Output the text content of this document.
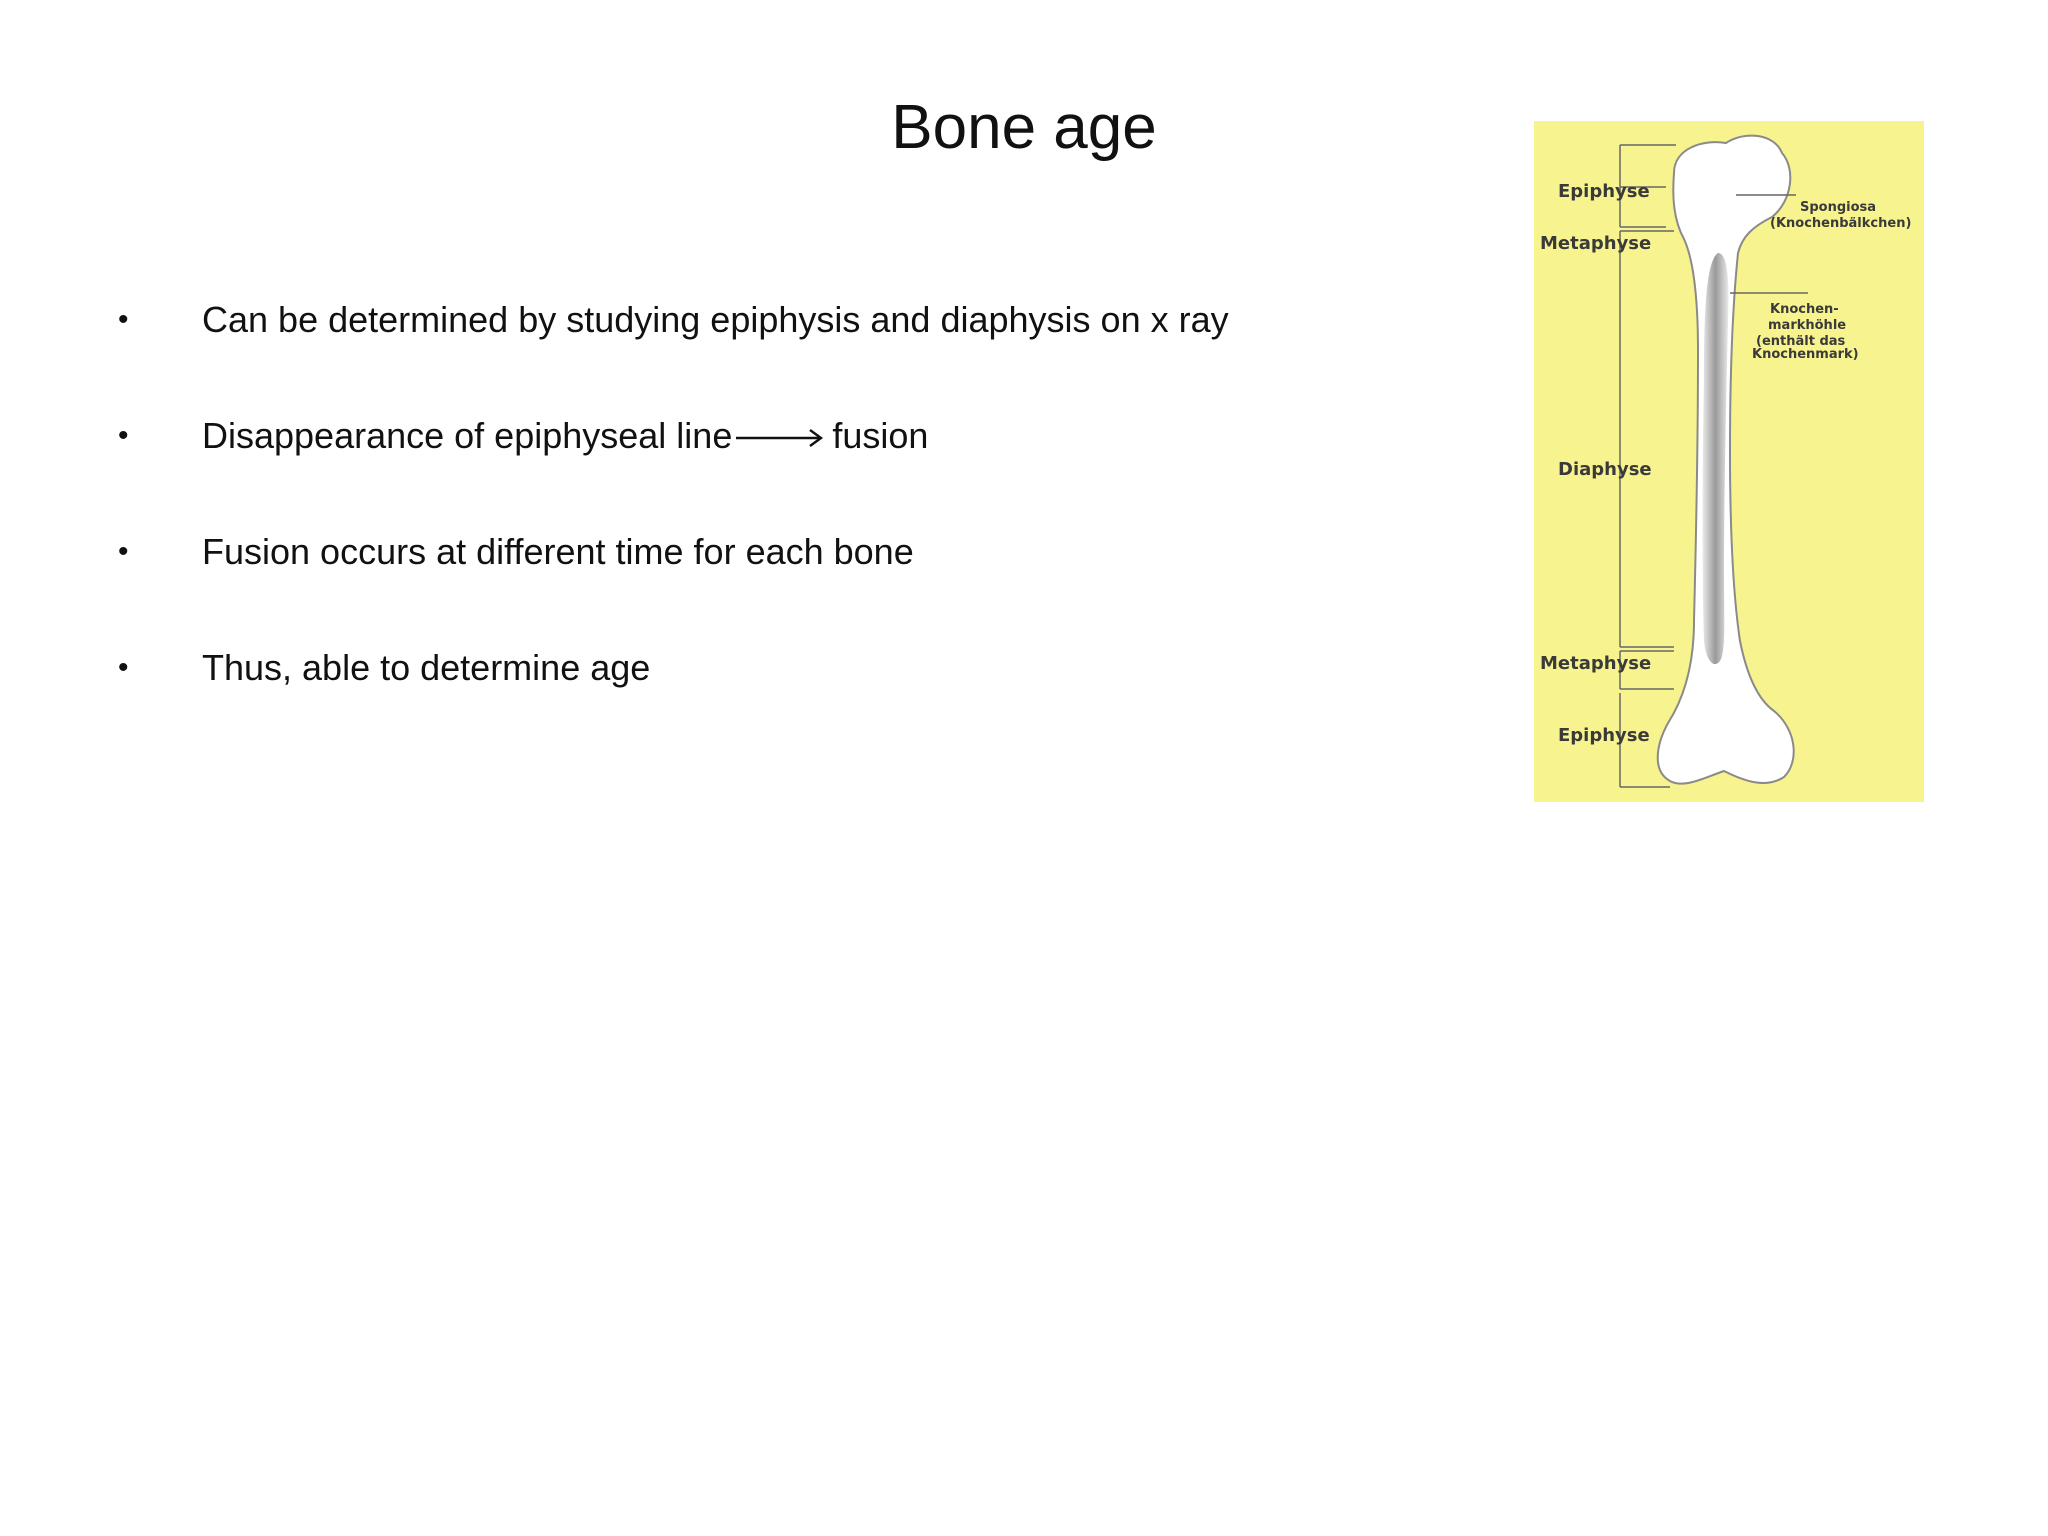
Bone age
•	Can be determined by studying epiphysis and diaphysis on x ray
•	Disappearance of epiphyseal line	fusion
•	Fusion occurs at different time for each bone
•	Thus, able to determine age
Epiphyse
Metaphyse
Diaphyse
Metaphyse
Epiphyse
Spongiosa
(Knochenbälkchen)
Knochen-
markhöhle
(enthält das
Knochenmark)
